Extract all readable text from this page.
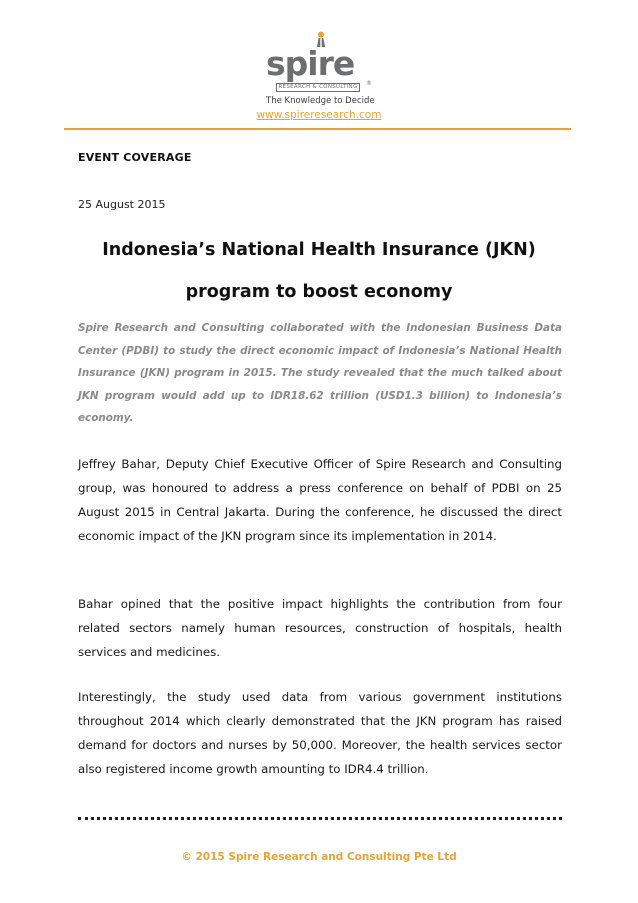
spire
RESEARCH & CONSULTING	®
The Knowledge to Decide
www.spireresearch.com
EVENT COVERAGE
25 August 2015
Indonesia’s National Health Insurance (JKN) program to boost economy
Spire Research and Consulting collaborated with the Indonesian Business Data Center (PDBI) to study the direct economic impact of Indonesia’s National Health Insurance (JKN) program in 2015. The study revealed that the much talked about JKN program would add up to IDR18.62 trillion (USD1.3 billion) to Indonesia’s economy.
Jeffrey Bahar, Deputy Chief Executive Officer of Spire Research and Consulting group, was honoured to address a press conference on behalf of PDBI on 25 August 2015 in Central Jakarta. During the conference, he discussed the direct economic impact of the JKN program since its implementation in 2014.
Bahar opined that the positive impact highlights the contribution from four related sectors namely human resources, construction of hospitals, health services and medicines.
Interestingly, the study used data from various government institutions throughout 2014 which clearly demonstrated that the JKN program has raised demand for doctors and nurses by 50,000. Moreover, the health services sector also registered income growth amounting to IDR4.4 trillion.
© 2015 Spire Research and Consulting Pte Ltd
